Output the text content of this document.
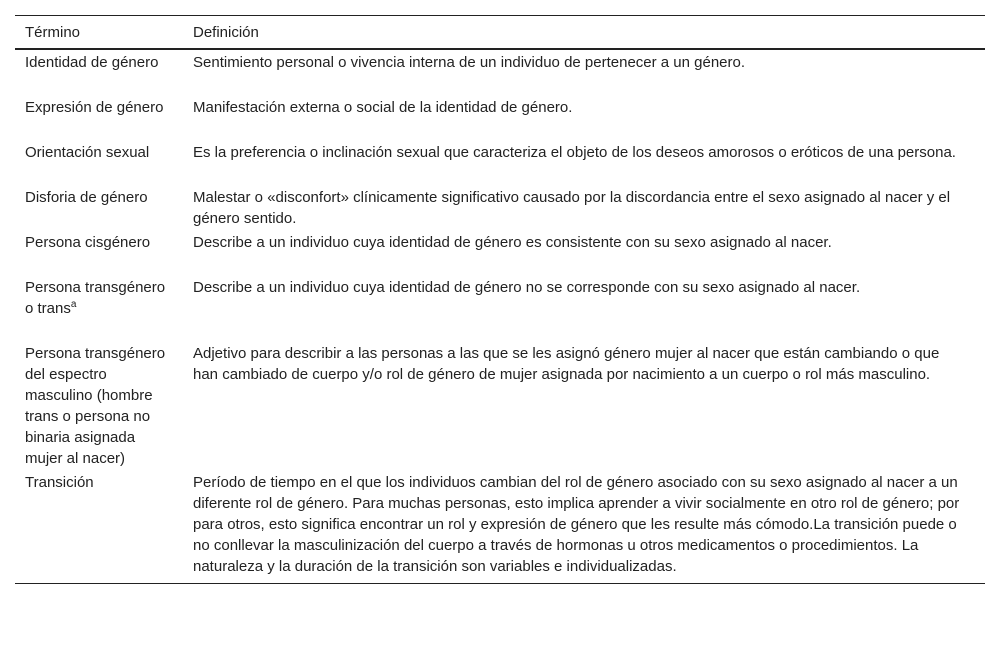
Término	Definición
Identidad de género	Sentimiento personal o vivencia interna de un individuo de pertenecer a un género.
Expresión de género	Manifestación externa o social de la identidad de género.
Orientación sexual	Es la preferencia o inclinación sexual que caracteriza el objeto de los deseos amorosos o eróticos de una persona.
Disforia de género	Malestar o «disconfort» clínicamente significativo causado por la discordancia entre el sexo asignado al nacer y el género sentido.
Persona cisgénero	Describe a un individuo cuya identidad de género es consistente con su sexo asignado al nacer.
Persona transgénero o trans$^a$	Describe a un individuo cuya identidad de género no se corresponde con su sexo asignado al nacer.
Persona transgénero del espectro masculino (hombre trans o persona no binaria asignada mujer al nacer)	Adjetivo para describir a las personas a las que se les asignó género mujer al nacer que están cambiando o que han cambiado de cuerpo y/o rol de género de mujer asignada por nacimiento a un cuerpo o rol más masculino.
Transición	Período de tiempo en el que los individuos cambian del rol de género asociado con su sexo asignado al nacer a un diferente rol de género. Para muchas personas, esto implica aprender a vivir socialmente en otro rol de género; por para otros, esto significa encontrar un rol y expresión de género que les resulte más cómodo.La transición puede o no conllevar la masculinización del cuerpo a través de hormonas u otros medicamentos o procedimientos. La naturaleza y la duración de la transición son variables e individualizadas.
